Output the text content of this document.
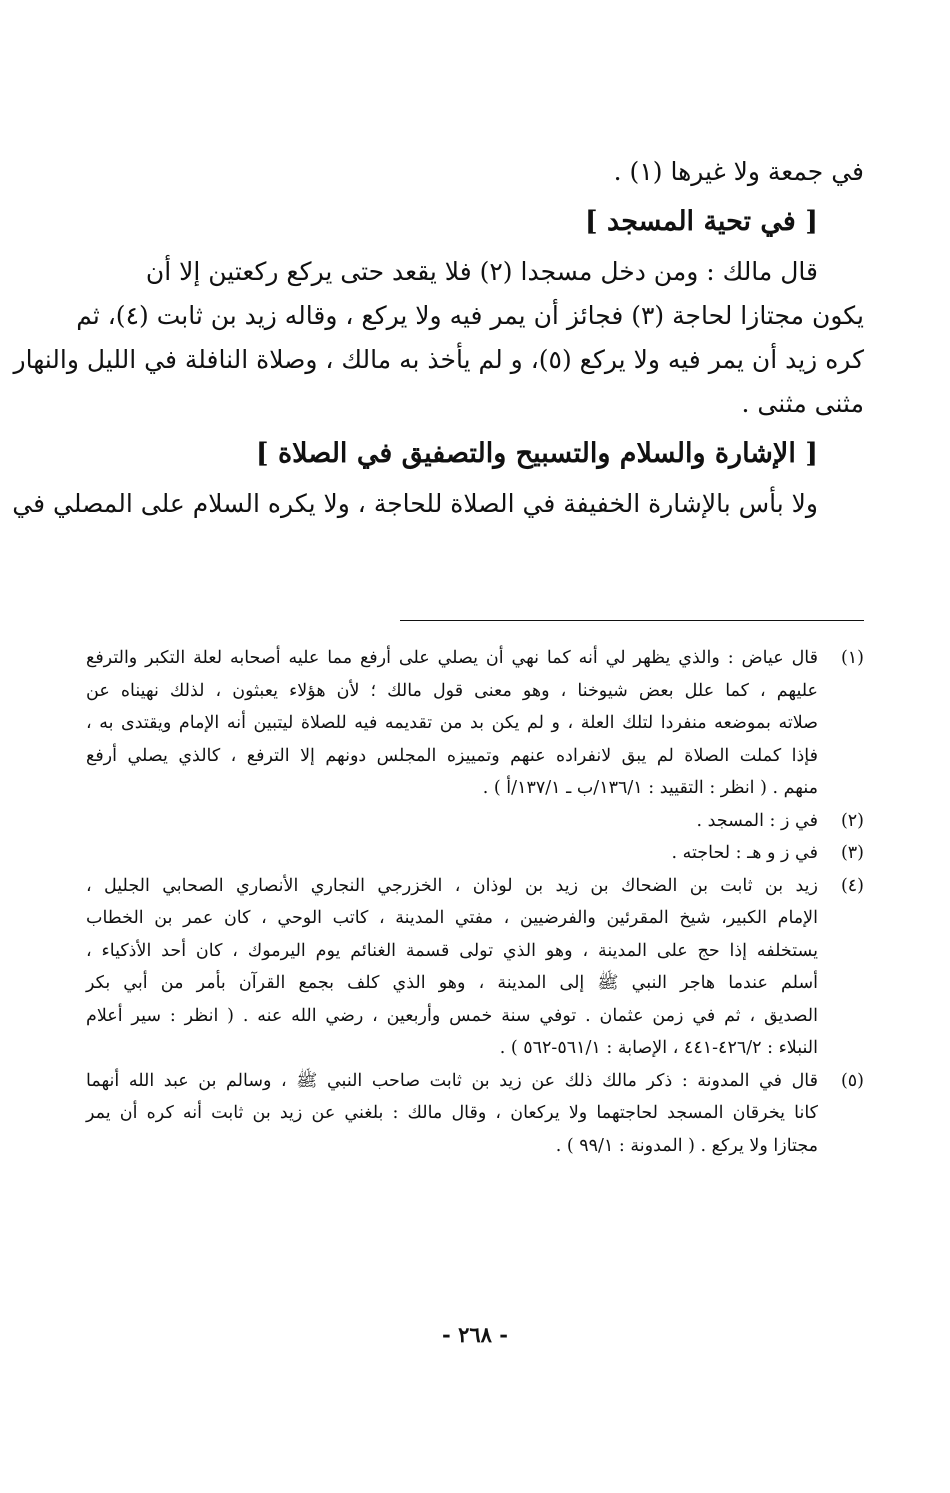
في جمعة ولا غيرها (١) .

[ في تحية المسجد ]

قال مالك : ومن دخل مسجدا (٢) فلا يقعد حتى يركع ركعتين إلا أن

يكون مجتازا لحاجة (٣) فجائز أن يمر فيه ولا يركع ، وقاله زيد بن ثابت (٤)، ثم

كره زيد أن يمر فيه ولا يركع (٥)، و لم يأخذ به مالك ، وصلاة النافلة في الليل والنهار

مثنى مثنى .

[ الإشارة والسلام والتسبيح والتصفيق في الصلاة ]

ولا بأس بالإشارة الخفيفة في الصلاة للحاجة ، ولا يكره السلام على المصلي في

(١)
قال عياض : والذي يظهر لي أنه كما نهي أن يصلي على أرفع مما عليه أصحابه لعلة التكبر والترفع
عليهم ، كما علل بعض شيوخنا ، وهو معنى قول مالك ؛ لأن هؤلاء يعبثون ، لذلك نهيناه عن
صلاته بموضعه منفردا لتلك العلة ، و لم يكن بد من تقديمه فيه للصلاة ليتبين أنه الإمام ويقتدى به ،
فإذا كملت الصلاة لم يبق لانفراده عنهم وتمييزه المجلس دونهم إلا الترفع ، كالذي يصلي أرفع
منهم . ( انظر : التقييد : ١٣٦/١/ب ـ ١٣٧/١/أ ) .
(٢)
في ز : المسجد .
(٣)
في ز و هـ : لحاجته .
(٤)
زيد بن ثابت بن الضحاك بن زيد بن لوذان ، الخزرجي النجاري الأنصاري الصحابي الجليل ،
الإمام الكبير، شيخ المقرئين والفرضيين ، مفتي المدينة ، كاتب الوحي ، كان عمر بن الخطاب
يستخلفه إذا حج على المدينة ، وهو الذي تولى قسمة الغنائم يوم اليرموك ، كان أحد الأذكياء ،
أسلم عندما هاجر النبي ﷺ إلى المدينة ، وهو الذي كلف بجمع القرآن بأمر من أبي بكر
الصديق ، ثم في زمن عثمان . توفي سنة خمس وأربعين ، رضي الله عنه . ( انظر : سير أعلام
النبلاء : ٤٢٦/٢-٤٤١ ، الإصابة : ٥٦١/١-٥٦٢ ) .
(٥)
قال في المدونة : ذكر مالك ذلك عن زيد بن ثابت صاحب النبي ﷺ ، وسالم بن عبد الله أنهما
كانا يخرقان المسجد لحاجتهما ولا يركعان ، وقال مالك : بلغني عن زيد بن ثابت أنه كره أن يمر
مجتازا ولا يركع . ( المدونة : ٩٩/١ ) .
- ٢٦٨ -
